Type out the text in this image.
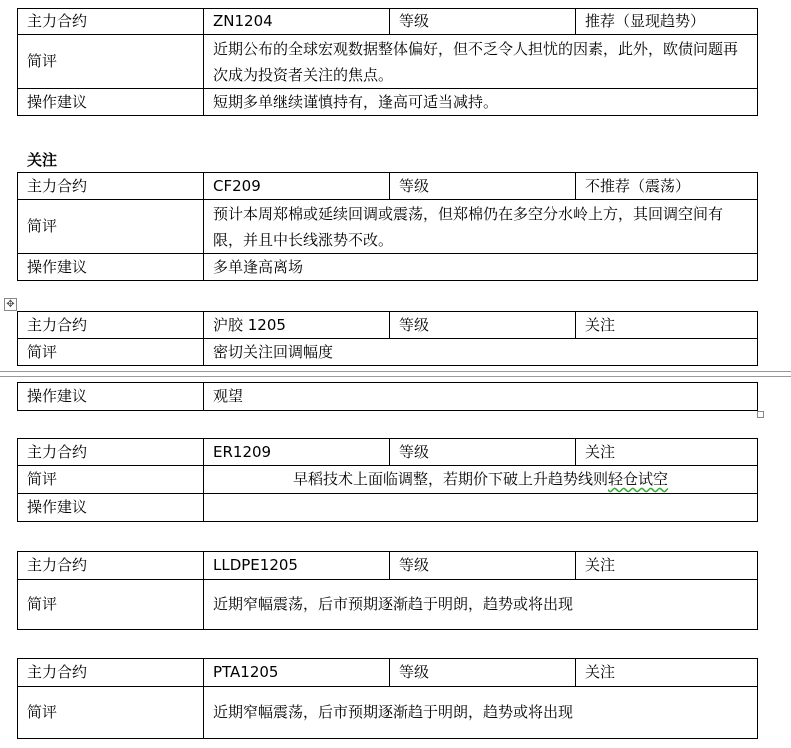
主力合约	ZN1204	等级	推荐（显现趋势）
简评	近期公布的全球宏观数据整体偏好，但不乏令人担忧的因素，此外，欧债问题再次成为投资者关注的焦点。		
操作建议	短期多单继续谨慎持有，逢高可适当减持。		
关注
主力合约	CF209	等级	不推荐（震荡）
简评	预计本周郑棉或延续回调或震荡，但郑棉仍在多空分水岭上方，其回调空间有限，并且中长线涨势不改。		
操作建议	多单逢高离场		
✥
主力合约	沪胶 1205	等级	关注
简评	密切关注回调幅度		
操作建议	观望
主力合约	ER1209	等级	关注
简评	早稻技术上面临调整，若期价下破上升趋势线则轻仓试空		
操作建议			
主力合约	LLDPE1205	等级	关注
简评	近期窄幅震荡，后市预期逐渐趋于明朗，趋势或将出现		
主力合约	PTA1205	等级	关注
简评	近期窄幅震荡，后市预期逐渐趋于明朗，趋势或将出现		
